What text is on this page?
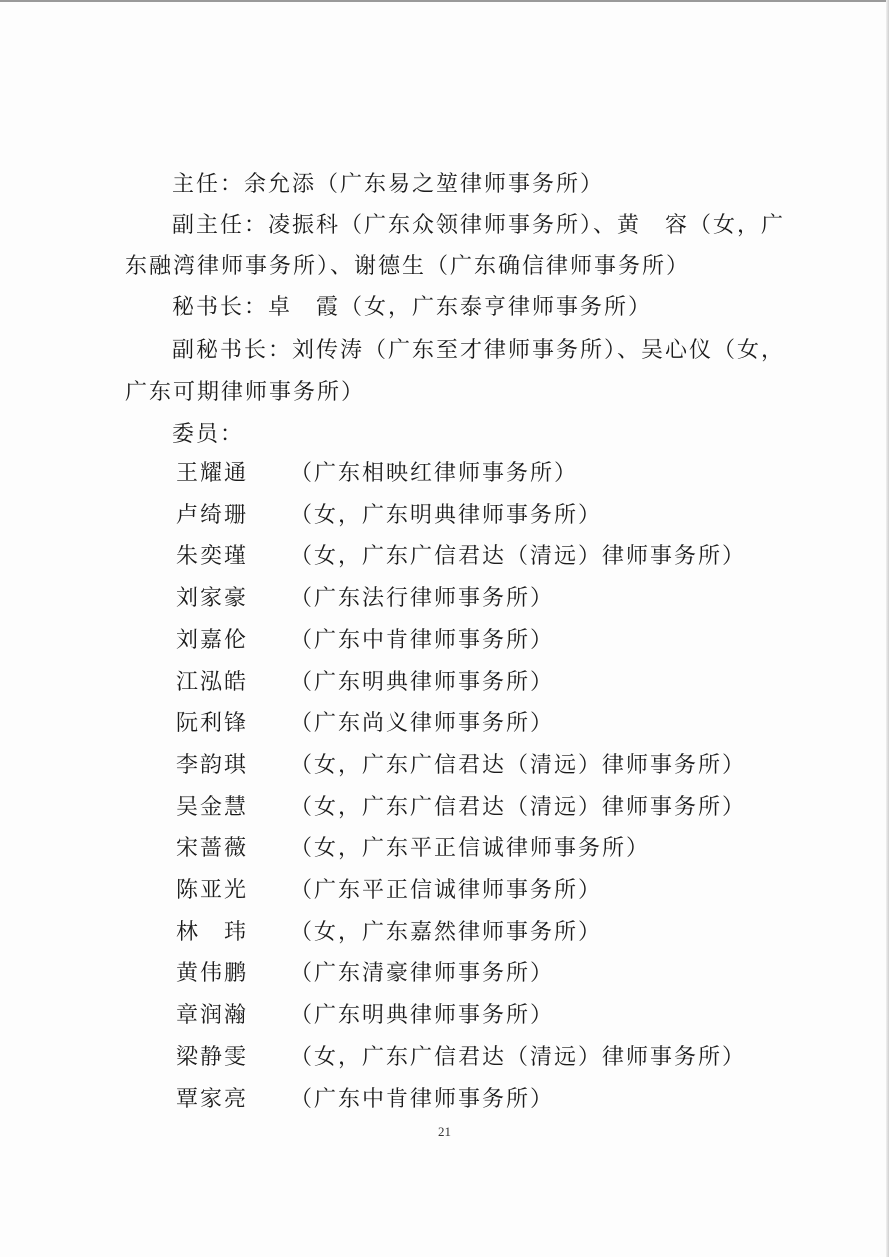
主任：余允添（广东易之堃律师事务所）
副主任：凌振科（广东众领律师事务所）、黄　容（女，广
东融湾律师事务所）、谢德生（广东确信律师事务所）
秘书长：卓　霞（女，广东泰亨律师事务所）
副秘书长：刘传涛（广东至才律师事务所）、吴心仪（女，
广东可期律师事务所）
委员：
王耀通 （广东相映红律师事务所）
卢绮珊 （女，广东明典律师事务所）
朱奕瑾 （女，广东广信君达（清远）律师事务所）
刘家豪 （广东法行律师事务所）
刘嘉伦 （广东中肯律师事务所）
江泓皓 （广东明典律师事务所）
阮利锋 （广东尚义律师事务所）
李韵琪 （女，广东广信君达（清远）律师事务所）
吴金慧 （女，广东广信君达（清远）律师事务所）
宋蔷薇 （女，广东平正信诚律师事务所）
陈亚光 （广东平正信诚律师事务所）
林　玮 （女，广东嘉然律师事务所）
黄伟鹏 （广东清豪律师事务所）
章润瀚 （广东明典律师事务所）
梁静雯 （女，广东广信君达（清远）律师事务所）
覃家亮 （广东中肯律师事务所）
21
